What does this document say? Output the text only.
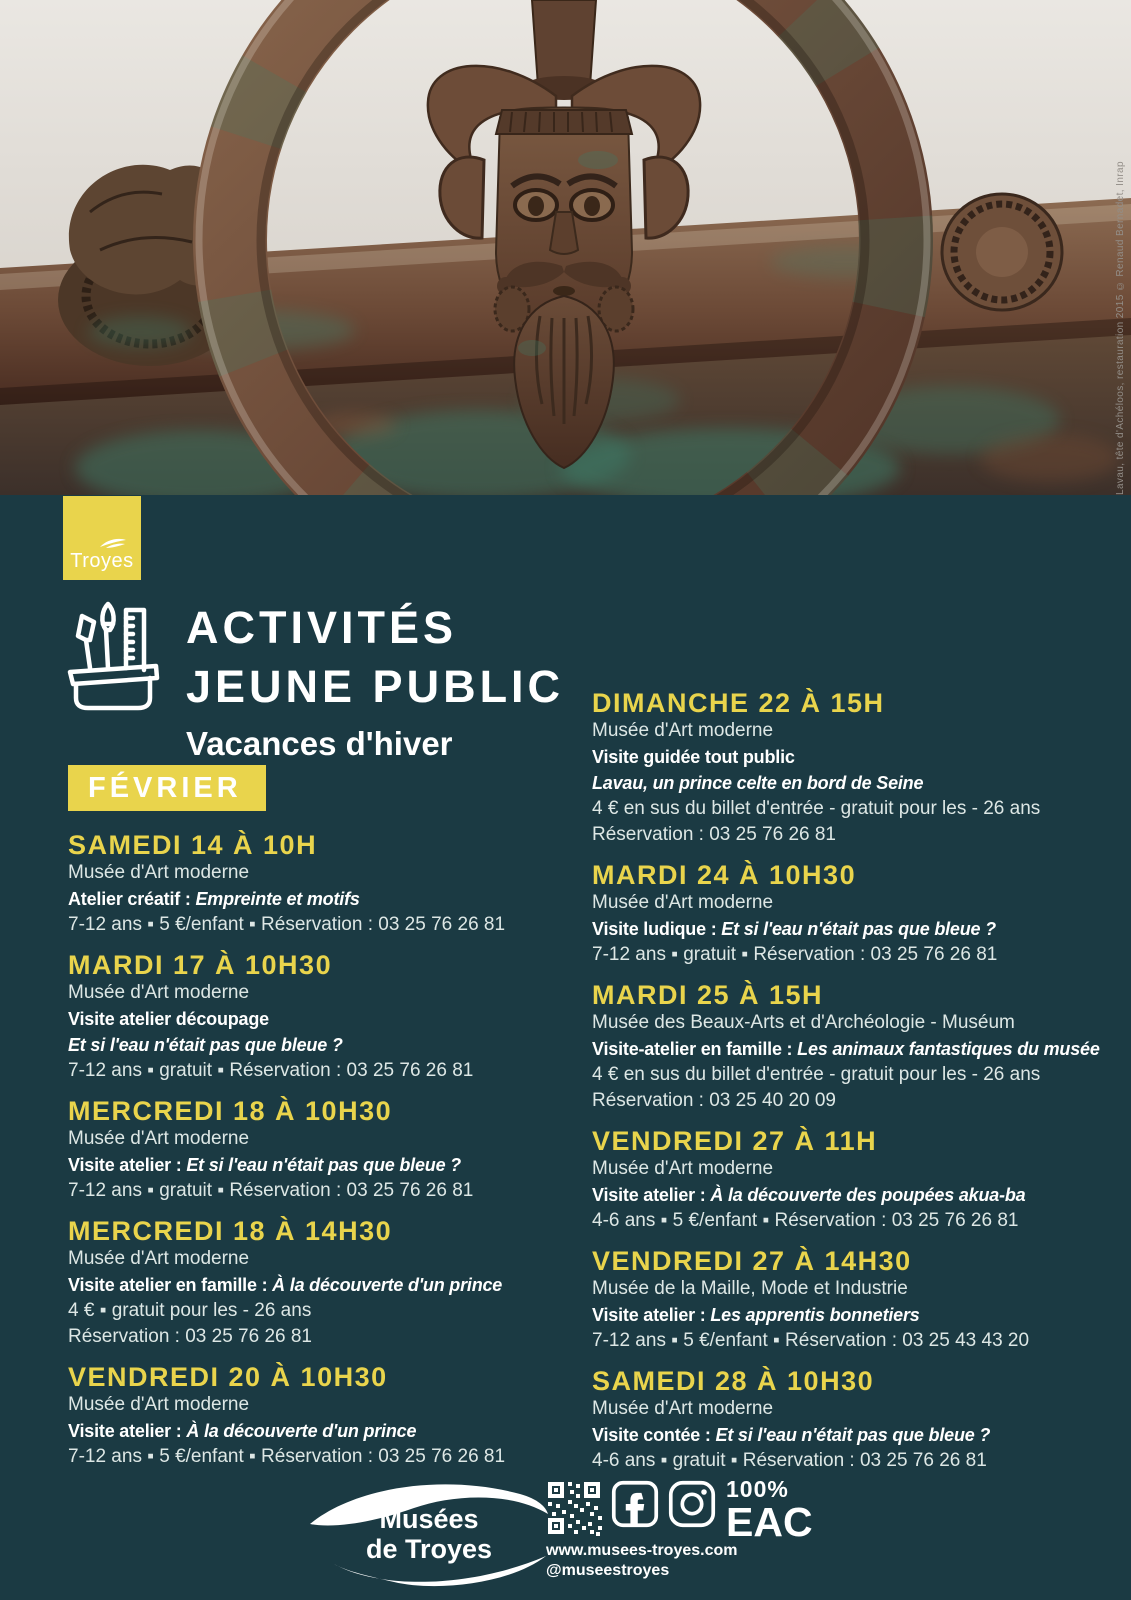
Lavau, tête d'Achéloos, restauration 2015 © Renaud Bernadet, Inrap
Troyes
ACTIVITÉS
JEUNE PUBLIC
Vacances d'hiver
FÉVRIER
SAMEDI 14 À 10H
Musée d'Art moderne
Atelier créatif : Empreinte et motifs
7-12 ans ▪ 5 €/enfant ▪ Réservation : 03 25 76 26 81
MARDI 17 À 10H30
Musée d'Art moderne
Visite atelier découpage
Et si l'eau n'était pas que bleue ?
7-12 ans ▪ gratuit ▪ Réservation : 03 25 76 26 81
MERCREDI 18 À 10H30
Musée d'Art moderne
Visite atelier : Et si l'eau n'était pas que bleue ?
7-12 ans ▪ gratuit ▪ Réservation : 03 25 76 26 81
MERCREDI 18 À 14H30
Musée d'Art moderne
Visite atelier en famille : À la découverte d'un prince
4 € ▪ gratuit pour les - 26 ans
Réservation : 03 25 76 26 81
VENDREDI 20 À 10H30
Musée d'Art moderne
Visite atelier : À la découverte d'un prince
7-12 ans ▪ 5 €/enfant ▪ Réservation : 03 25 76 26 81
DIMANCHE 22 À 15H
Musée d'Art moderne
Visite guidée tout public
Lavau, un prince celte en bord de Seine
4 € en sus du billet d'entrée - gratuit pour les - 26 ans
Réservation : 03 25 76 26 81
MARDI 24 À 10H30
Musée d'Art moderne
Visite ludique : Et si l'eau n'était pas que bleue ?
7-12 ans ▪ gratuit ▪ Réservation : 03 25 76 26 81
MARDI 25 À 15H
Musée des Beaux-Arts et d'Archéologie - Muséum
Visite-atelier en famille : Les animaux fantastiques du musée
4 € en sus du billet d'entrée - gratuit pour les - 26 ans
Réservation : 03 25 40 20 09
VENDREDI 27 À 11H
Musée d'Art moderne
Visite atelier : À la découverte des poupées akua-ba
4-6 ans ▪ 5 €/enfant ▪ Réservation : 03 25 76 26 81
VENDREDI 27 À 14H30
Musée de la Maille, Mode et Industrie
Visite atelier : Les apprentis bonnetiers
7-12 ans ▪ 5 €/enfant ▪ Réservation : 03 25 43 43 20
SAMEDI 28 À 10H30
Musée d'Art moderne
Visite contée : Et si l'eau n'était pas que bleue ?
4-6 ans ▪ gratuit ▪ Réservation : 03 25 76 26 81
Musées
de Troyes	www.musees-troyes.com
@museestroyes
100%
EAC
